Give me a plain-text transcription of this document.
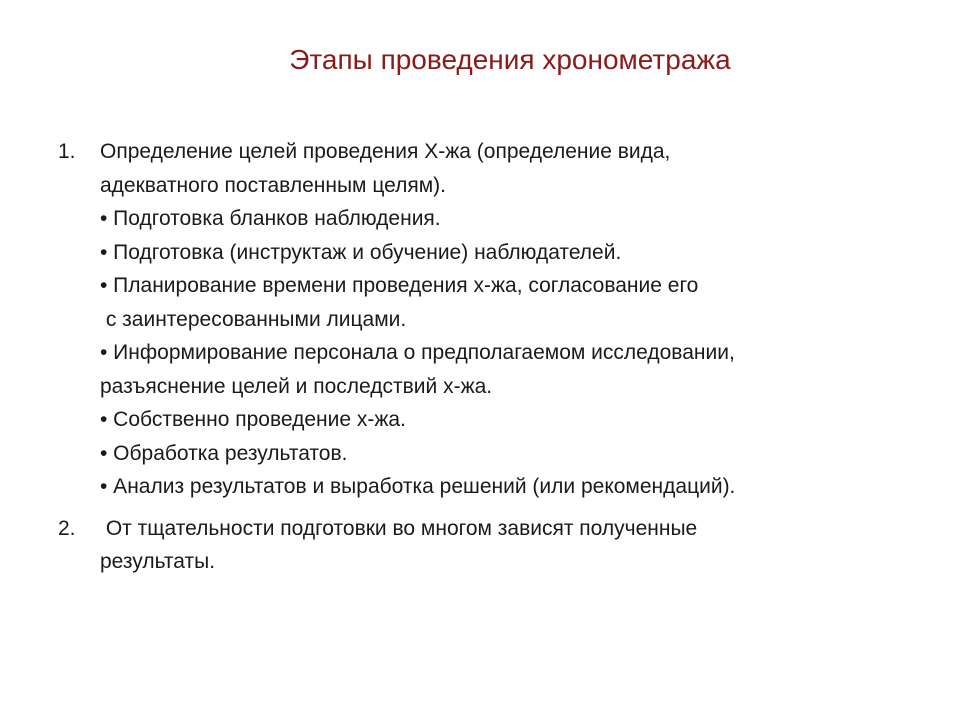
Этапы проведения хронометража
1. Определение целей проведения Х-жа (определение вида,
адекватного поставленным целям).
• Подготовка бланков наблюдения.
• Подготовка (инструктаж и обучение) наблюдателей.
• Планирование времени проведения х-жа, согласование его
с заинтересованными лицами.
• Информирование персонала о предполагаемом исследовании,
разъяснение целей и последствий х-жа.
• Собственно проведение х-жа.
• Обработка результатов.
• Анализ результатов и выработка решений (или рекомендаций).
2. От тщательности подготовки во многом зависят полученные
результаты.
